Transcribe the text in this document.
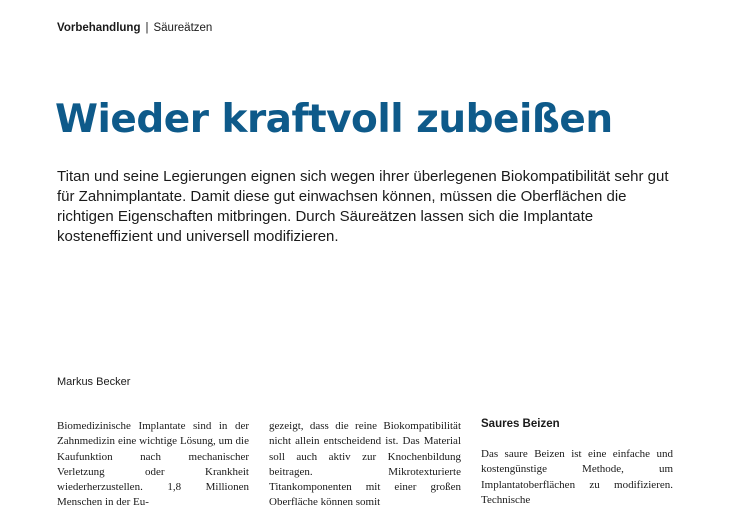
Vorbehandlung | Säureätzen
Wieder kraftvoll zubeißen

Titan und seine Legierungen eignen sich wegen ihrer überlegenen Biokompatibilität sehr gut für Zahnimplantate. Damit diese gut einwachsen können, müssen die Oberflächen die richtigen Eigenschaften mitbringen. Durch Säureätzen lassen sich die Implantate kosteneffizient und universell modifizieren.

Markus Becker

Biomedizinische Implantate sind in der Zahnmedizin eine wichtige Lösung, um die Kaufunktion nach mechanischer Verletzung oder Krankheit wiederherzustellen. 1,8 Millionen Menschen in der Eu-

gezeigt, dass die reine Biokompatibilität nicht allein entscheidend ist. Das Material soll auch aktiv zur Knochenbildung beitragen. Mikrotexturierte Titankomponenten mit einer großen Oberfläche können somit

Saures Beizen

Das saure Beizen ist eine einfache und kostengünstige Methode, um Implantatoberflächen zu modifizieren. Technische
